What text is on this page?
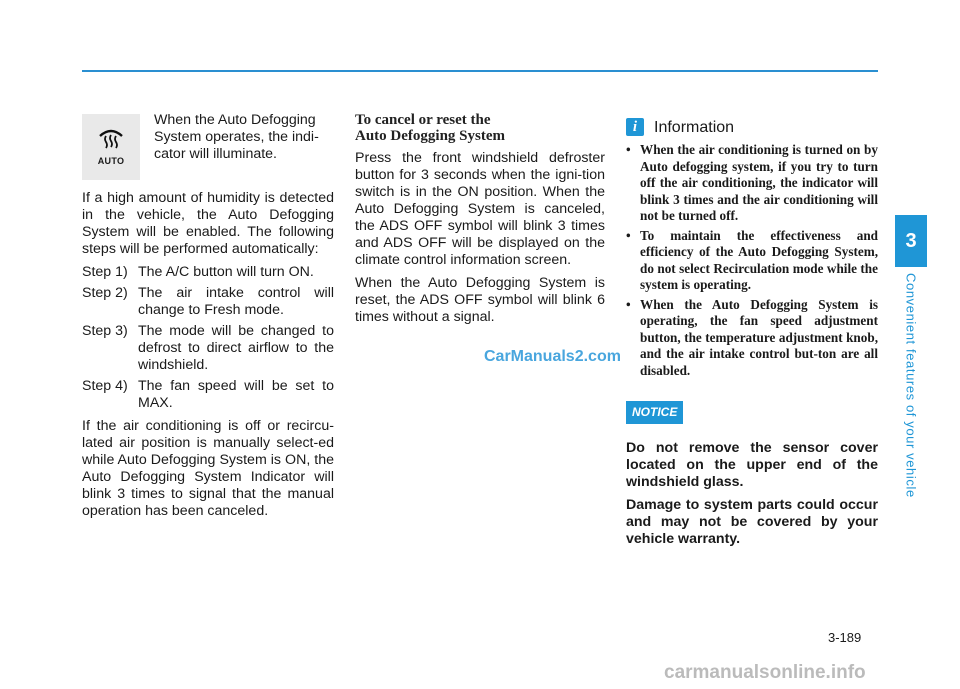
3
Convenient features of your vehicle
AUTO
When the Auto Defogging System operates, the indi-cator will illuminate.

If a high amount of humidity is detected in the vehicle, the Auto Defogging System will be enabled. The following steps will be performed automatically:

Step 1) The A/C button will turn ON.
Step 2) The air intake control will change to Fresh mode.
Step 3) The mode will be changed to defrost to direct airflow to the windshield.
Step 4) The fan speed will be set to MAX.

If the air conditioning is off or recircu-lated air position is manually select-ed while Auto Defogging System is ON, the Auto Defogging System Indicator will blink 3 times to signal that the manual operation has been canceled.

To cancel or reset the
Auto Defogging System

Press the front windshield defroster button for 3 seconds when the igni-tion switch is in the ON position. When the Auto Defogging System is canceled, the ADS OFF symbol will blink 3 times and ADS OFF will be displayed on the climate control information screen.

When the Auto Defogging System is reset, the ADS OFF symbol will blink 6 times without a signal.

i	Information
• When the air conditioning is turned on by Auto defogging system, if you try to turn off the air conditioning, the indicator will blink 3 times and the air conditioning will not be turned off.
• To maintain the effectiveness and efficiency of the Auto Defogging System, do not select Recirculation mode while the system is operating.
• When the Auto Defogging System is operating, the fan speed adjustment button, the temperature adjustment knob, and the air intake control but-ton are all disabled.
NOTICE

Do not remove the sensor cover located on the upper end of the windshield glass.

Damage to system parts could occur and may not be covered by your vehicle warranty.

CarManuals2.com
3-189
carmanualsonline.info
